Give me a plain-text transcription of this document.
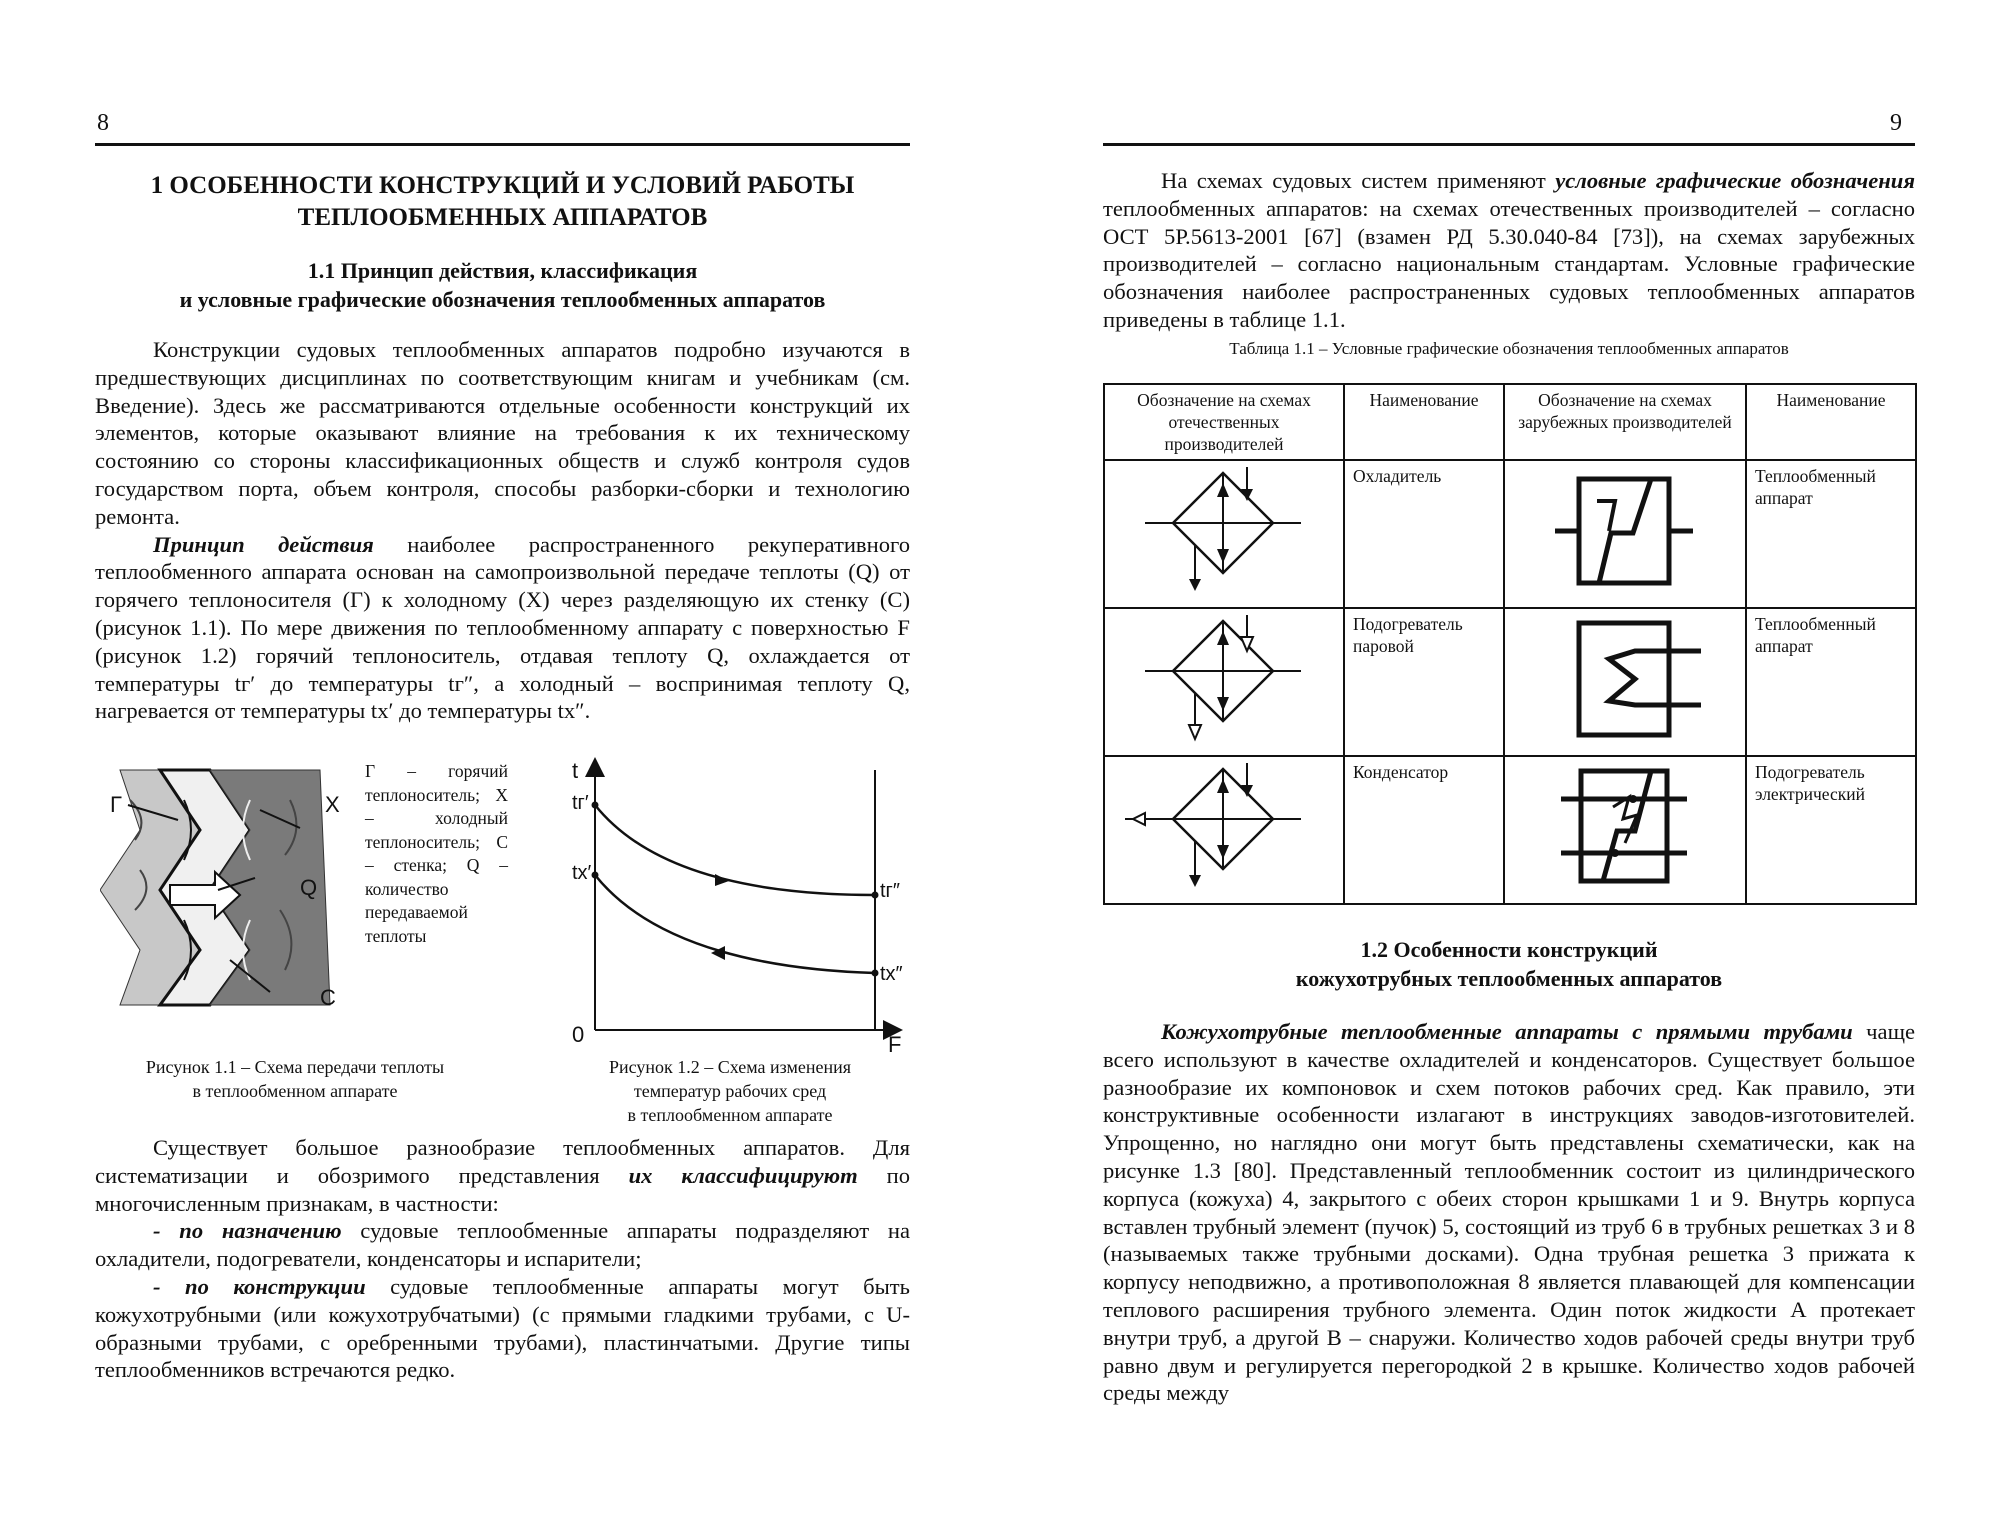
8
1 ОСОБЕННОСТИ КОНСТРУКЦИЙ И УСЛОВИЙ РАБОТЫ
ТЕПЛООБМЕННЫХ АППАРАТОВ
1.1 Принцип действия, классификация
и условные графические обозначения теплообменных аппаратов

Конструкции судовых теплообменных аппаратов подробно изучаются в предшествующих дисциплинах по соответствующим книгам и учебникам (см. Введение). Здесь же рассматриваются отдельные особенности конструкций их элементов, которые оказывают влияние на требования к их техническому состоянию со стороны классификационных обществ и служб контроля судов государством порта, объем контроля, способы разборки-сборки и технологию ремонта.

Принцип действия наиболее распространенного рекуперативного теплообменного аппарата основан на самопроизвольной передаче теплоты (Q) от горячего теплоносителя (Г) к холодному (Х) через разделяющую их стенку (С) (рисунок 1.1). По мере движения по теплообменному аппарату с поверхностью F (рисунок 1.2) горячий теплоноситель, отдавая теплоту Q, охлаждается от температуры tг′ до температуры tг″, а холодный – воспринимая теплоту Q, нагревается от температуры tх′ до температуры tх″.

Г	X
Q
C
Г – горячий теплоноситель; Х – холодный теплоноситель; С – стенка; Q – количество передаваемой теплоты
Рисунок 1.1 – Схема передачи теплоты
в теплообменном аппарате
t
tг′
tх′
tг″
tх″
0	F
Рисунок 1.2 – Схема изменения
температур рабочих сред
в теплообменном аппарате

Существует большое разнообразие теплообменных аппаратов. Для систематизации и обозримого представления их классифицируют по многочисленным признакам, в частности:

- по назначению судовые теплообменные аппараты подразделяют на охладители, подогреватели, конденсаторы и испарители;

- по конструкции судовые теплообменные аппараты могут быть кожухотрубными (или кожухотрубчатыми) (с прямыми гладкими трубами, с U-образными трубами, с оребренными трубами), пластинчатыми. Другие типы теплообменников встречаются редко.

9

На схемах судовых систем применяют условные графические обозначения теплообменных аппаратов: на схемах отечественных производителей – согласно ОСТ 5Р.5613-2001 [67] (взамен РД 5.30.040-84 [73]), на схемах зарубежных производителей – согласно национальным стандартам. Условные графические обозначения наиболее распространенных судовых теплообменных аппаратов приведены в таблице 1.1.

Таблица 1.1 – Условные графические обозначения теплообменных аппаратов
Обозначение на схемах отечественных производителей	Наименование	Обозначение на схемах зарубежных производителей	Наименование

	Охладитель		Теплообменный аппарат

	Подогреватель паровой		Теплообменный аппарат

	Конденсатор		Подогреватель электрический
1.2 Особенности конструкций
кожухотрубных теплообменных аппаратов

Кожухотрубные теплообменные аппараты с прямыми трубами чаще всего используют в качестве охладителей и конденсаторов. Существует большое разнообразие их компоновок и схем потоков рабочих сред. Как правило, эти конструктивные особенности излагают в инструкциях заводов-изготовителей. Упрощенно, но наглядно они могут быть представлены схематически, как на рисунке 1.3 [80]. Представленный теплообменник состоит из цилиндрического корпуса (кожуха) 4, закрытого с обеих сторон крышками 1 и 9. Внутрь корпуса вставлен трубный элемент (пучок) 5, состоящий из труб 6 в трубных решетках 3 и 8 (называемых также трубными досками). Одна трубная решетка 3 прижата к корпусу неподвижно, а противоположная 8 является плавающей для компенсации теплового расширения трубного элемента. Один поток жидкости А протекает внутри труб, а другой В – снаружи. Количество ходов рабочей среды внутри труб равно двум и регулируется перегородкой 2 в крышке. Количество ходов рабочей среды между
